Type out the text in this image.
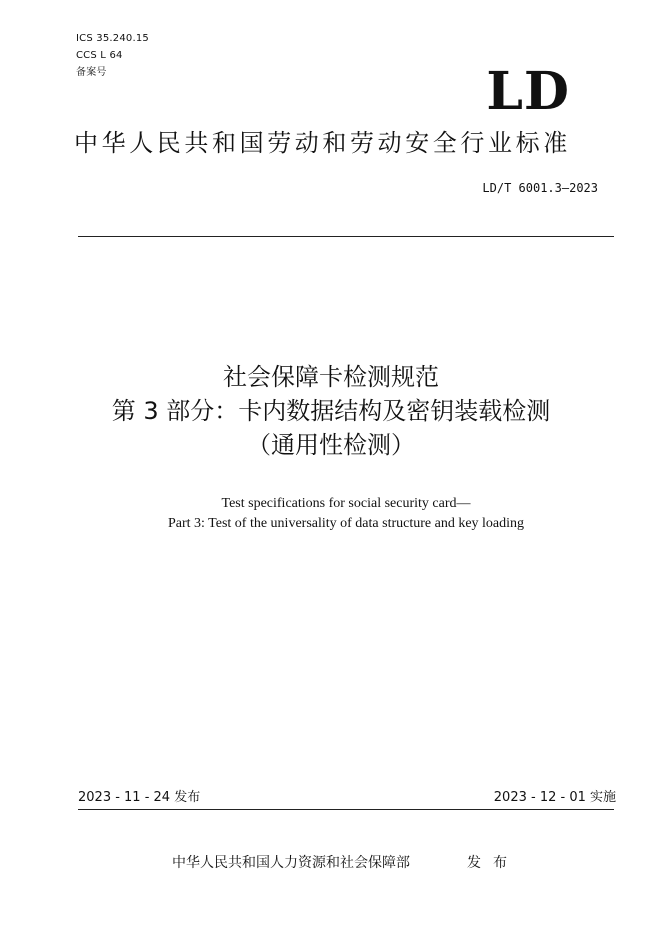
ICS 35.240.15
CCS L 64
备案号	LD
中华人民共和国劳动和劳动安全行业标准
LD/T 6001.3—2023
社会保障卡检测规范
第 3 部分：卡内数据结构及密钥装载检测
（通用性检测）
Test specifications for social security card—
Part 3: Test of the universality of data structure and key loading
2023 - 11 - 24 发布	2023 - 12 - 01 实施
中华人民共和国人力资源和社会保障部	发布
